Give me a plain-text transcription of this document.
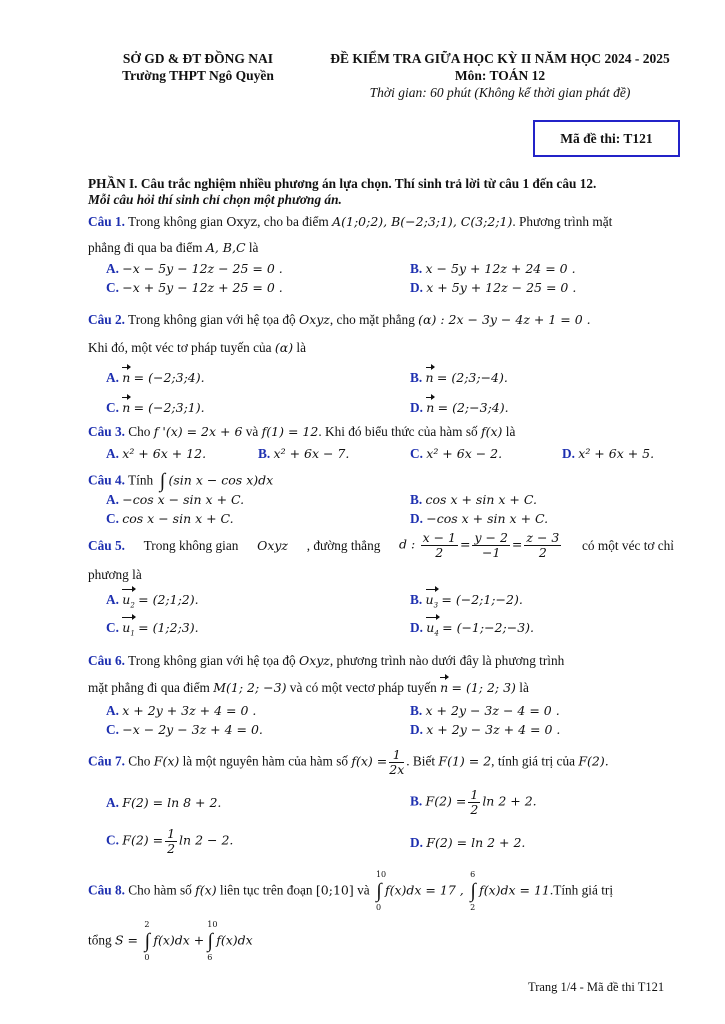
SỞ GD & ĐT ĐỒNG NAI
Trường THPT Ngô Quyền
ĐỀ KIỂM TRA GIỮA HỌC KỲ II NĂM HỌC 2024 - 2025
Môn: TOÁN 12
Thời gian: 60 phút (Không kể thời gian phát đề)
Mã đề thi: T121
PHẦN I. Câu trắc nghiệm nhiều phương án lựa chọn. Thí sinh trả lời từ câu 1 đến câu 12.
Mỗi câu hỏi thí sinh chỉ chọn một phương án.
Câu 1. Trong không gian Oxyz, cho ba điểm A(1;0;2), B(−2;3;1), C(3;2;1). Phương trình mặt
phẳng đi qua ba điểm A, B,C là
A. −x − 5y − 12z − 25 = 0 .	B. x − 5y + 12z + 24 = 0 .
C. −x + 5y − 12z + 25 = 0 .	D. x + 5y + 12z − 25 = 0 .
Câu 2. Trong không gian với hệ tọa độ Oxyz, cho mặt phẳng (α) : 2x − 3y − 4z + 1 = 0 .
Khi đó, một véc tơ pháp tuyến của (α) là
A. n = (−2;3;4).	B. n = (2;3;−4).
C. n = (−2;3;1).	D. n = (2;−3;4).
Câu 3. Cho f '(x) = 2x + 6 và f(1) = 12. Khi đó biểu thức của hàm số f(x) là
A. x² + 6x + 12.	B. x² + 6x − 7.	C. x² + 6x − 2.	D. x² + 6x + 5.
Câu 4. Tính ∫ (sin x − cos x)dx
A. −cos x − sin x + C.	B. cos x + sin x + C.
C. cos x − sin x + C.	D. −cos x + sin x + C.
Câu 5. Trong không gian Oxyz , đường thẳng d : $\frac{x - 1}{2} = \frac{y - 2}{-1} = \frac{z - 3}{2}$ có một véc tơ chỉ
phương là
A. $u_2$ = (2;1;2).	B. $u_3$ = (−2;1;−2).
C. $u_1$ = (1;2;3).	D. $u_4$ = (−1;−2;−3).
Câu 6. Trong không gian với hệ tọa độ Oxyz, phương trình nào dưới đây là phương trình
mặt phẳng đi qua điểm M(1; 2; −3) và có một vectơ pháp tuyến n = (1; 2; 3) là
A. x + 2y + 3z + 4 = 0 .	B. x + 2y − 3z − 4 = 0 .
C. −x − 2y − 3z + 4 = 0.	D. x + 2y − 3z + 4 = 0 .
Câu 7. Cho F(x) là một nguyên hàm của hàm số $f(x) = \frac{1}{2x}$ . Biết F(1) = 2, tính giá trị của F(2).
A. F(2) = ln 8 + 2.	B. $F(2) = \frac{1}{2}$ ln 2 + 2.
C. $F(2) = \frac{1}{2}$ ln 2 − 2.	D. F(2) = ln 2 + 2.
Câu 8. Cho hàm số f(x) liên tục trên đoạn [0;10] và ∫
10
0
f(x)dx = 17 , ∫
6
2
f(x)dx = 11.Tính giá trị
tổng S = ∫
2
0
f(x)dx + ∫
10
6
f(x)dx
Trang 1/4 - Mã đề thi T121
